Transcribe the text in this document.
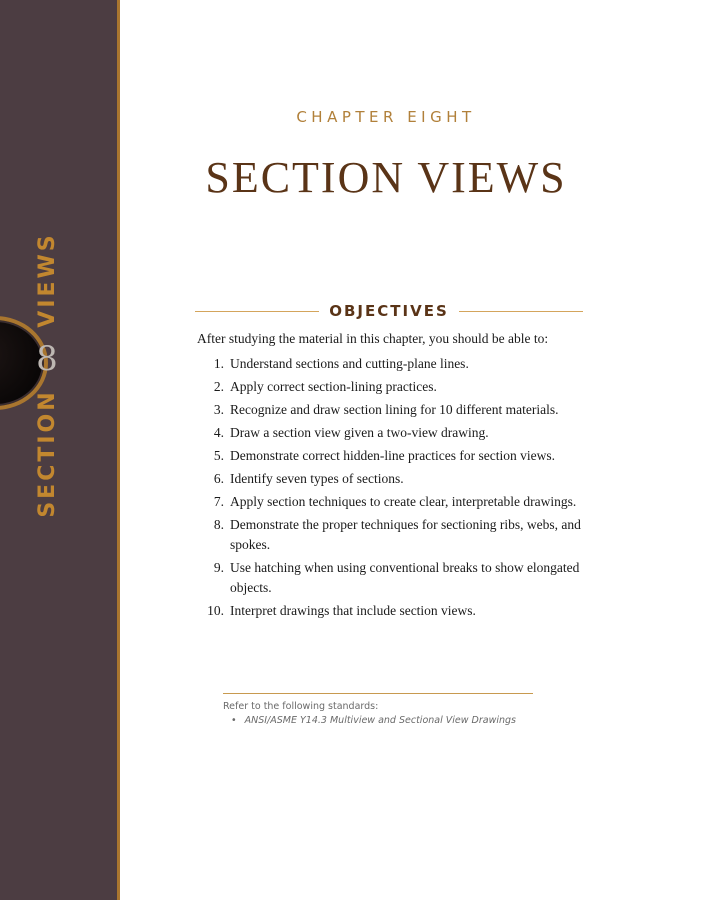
SECTION
8
VIEWS
CHAPTER EIGHT
SECTION VIEWS
OBJECTIVES
After studying the material in this chapter, you should be able to:
1. Understand sections and cutting-plane lines.
2. Apply correct section-lining practices.
3. Recognize and draw section lining for 10 different materials.
4. Draw a section view given a two-view drawing.
5. Demonstrate correct hidden-line practices for section views.
6. Identify seven types of sections.
7. Apply section techniques to create clear, interpretable drawings.
8. Demonstrate the proper techniques for sectioning ribs, webs, and spokes.
9. Use hatching when using conventional breaks to show elongated objects.
10. Interpret drawings that include section views.
Refer to the following standards:
• ANSI/ASME Y14.3 Multiview and Sectional View Drawings
